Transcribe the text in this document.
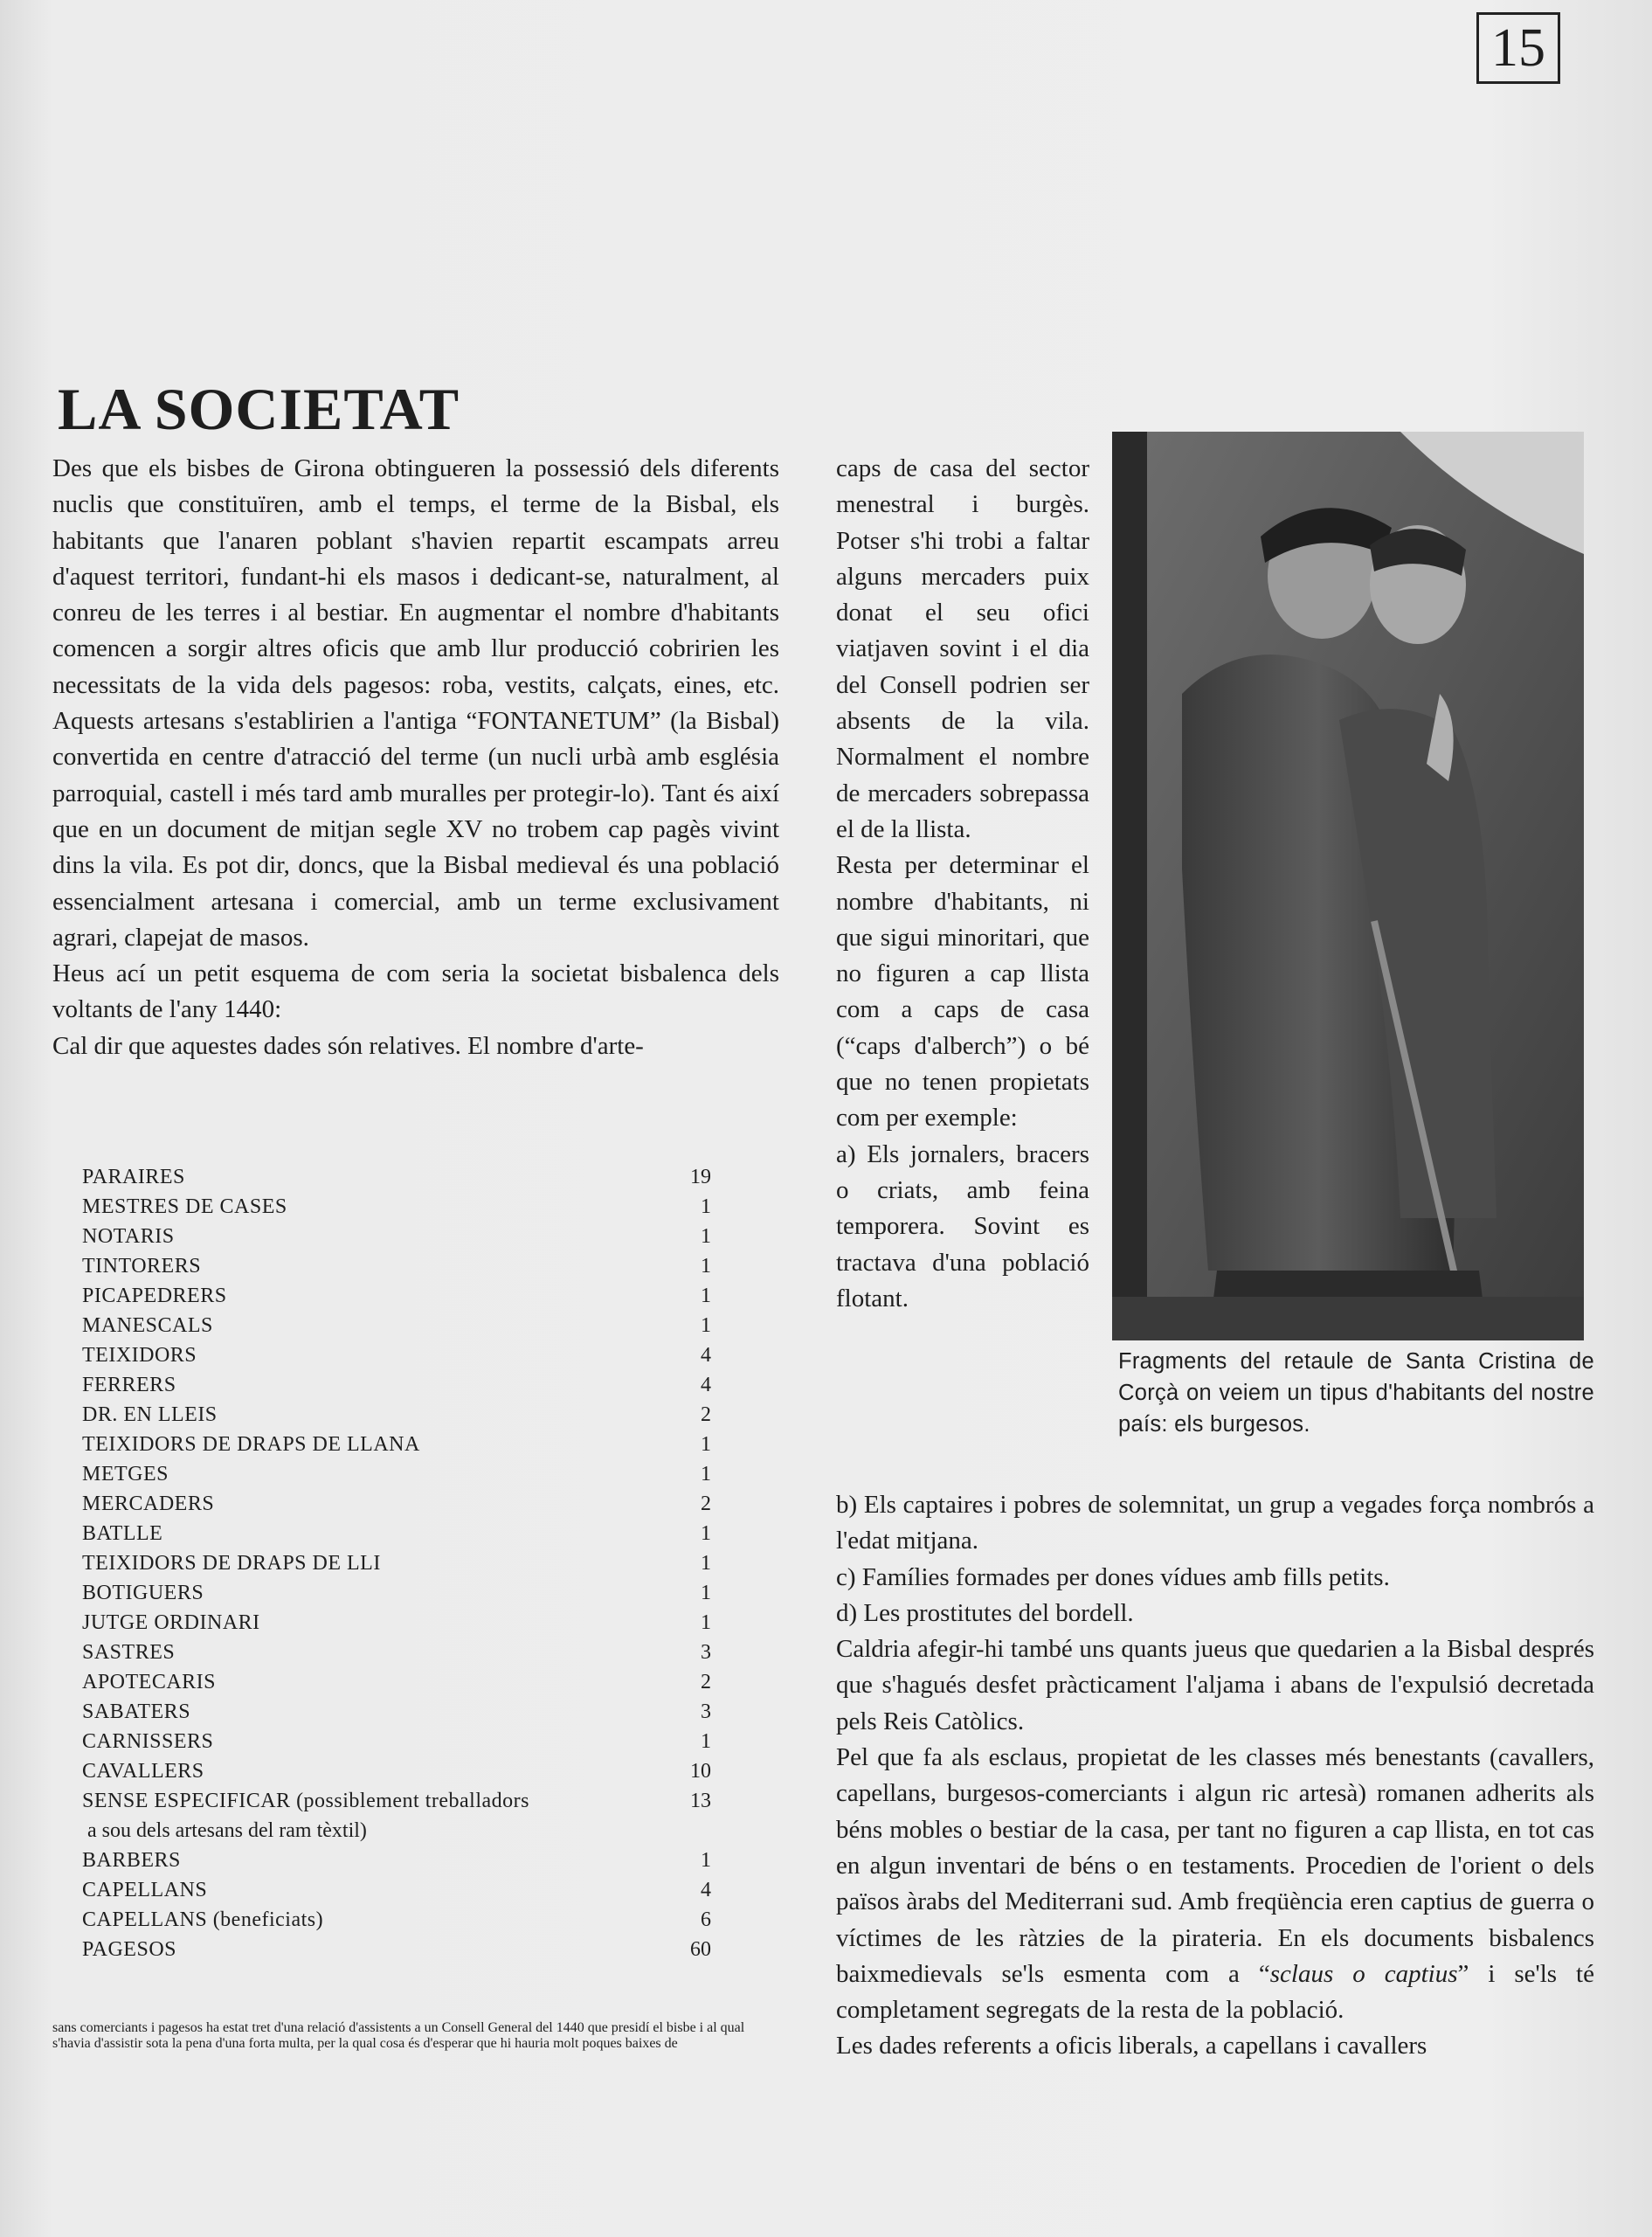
15
LA SOCIETAT

Des que els bisbes de Girona obtingueren la possessió dels diferents nuclis que constituïren, amb el temps, el terme de la Bisbal, els habitants que l'anaren poblant s'havien repartit escampats arreu d'aquest territori, fundant-hi els masos i dedicant-se, naturalment, al conreu de les terres i al bestiar. En augmentar el nombre d'habitants comencen a sorgir altres oficis que amb llur producció cobririen les necessitats de la vida dels pagesos: roba, vestits, calçats, eines, etc. Aquests artesans s'establirien a l'antiga “FONTANETUM” (la Bisbal) convertida en centre d'atracció del terme (un nucli urbà amb església parroquial, castell i més tard amb muralles per protegir-lo). Tant és així que en un document de mitjan segle XV no trobem cap pagès vivint dins la vila. Es pot dir, doncs, que la Bisbal medieval és una població essencialment artesana i comercial, amb un terme exclusivament agrari, clapejat de masos.

Heus ací un petit esquema de com seria la societat bisbalenca dels voltants de l'any 1440:

Cal dir que aquestes dades són relatives. El nombre d'arte-

PARAIRES	19
MESTRES DE CASES	1
NOTARIS	1
TINTORERS	1
PICAPEDRERS	1
MANESCALS	1
TEIXIDORS	4
FERRERS	4
DR. EN LLEIS	2
TEIXIDORS DE DRAPS DE LLANA	1
METGES	1
MERCADERS	2
BATLLE	1
TEIXIDORS DE DRAPS DE LLI	1
BOTIGUERS	1
JUTGE ORDINARI	1
SASTRES	3
APOTECARIS	2
SABATERS	3
CARNISSERS	1
CAVALLERS	10
SENSE ESPECIFICAR (possiblement treballadors	13
a sou dels artesans del ram tèxtil)
BARBERS	1
CAPELLANS	4
CAPELLANS (beneficiats)	6
PAGESOS	60

sans comerciants i pagesos ha estat tret d'una relació d'assistents a un Consell General del 1440 que presidí el bisbe i al qual s'havia d'assistir sota la pena d'una forta multa, per la qual cosa és d'esperar que hi hauria molt poques baixes de

caps de casa del sector menestral i burgès. Potser s'hi trobi a faltar alguns mercaders puix donat el seu ofici viatjaven sovint i el dia del Consell podrien ser absents de la vila. Normalment el nombre de mercaders sobrepassa el de la llista.

Resta per determinar el nombre d'habitants, ni que sigui minoritari, que no figuren a cap llista com a caps de casa (“caps d'alberch”) o bé que no tenen propietats com per exemple:

a) Els jornalers, bracers o criats, amb feina temporera. Sovint es tractava d'una població flotant.

Fragments del retaule de Santa Cristina de Corçà on veiem un tipus d'habitants del nostre país: els burgesos.

b) Els captaires i pobres de solemnitat, un grup a vegades força nombrós a l'edat mitjana.

c) Famílies formades per dones vídues amb fills petits.

d) Les prostitutes del bordell.

Caldria afegir-hi també uns quants jueus que quedarien a la Bisbal després que s'hagués desfet pràcticament l'aljama i abans de l'expulsió decretada pels Reis Catòlics.

Pel que fa als esclaus, propietat de les classes més benestants (cavallers, capellans, burgesos-comerciants i algun ric artesà) romanen adherits als béns mobles o bestiar de la casa, per tant no figuren a cap llista, en tot cas en algun inventari de béns o en testaments. Procedien de l'orient o dels països àrabs del Mediterrani sud. Amb freqüència eren captius de guerra o víctimes de les ràtzies de la pirateria. En els documents bisbalencs baixmedievals se'ls esmenta com a “sclaus o captius” i se'ls té completament segregats de la resta de la població.

Les dades referents a oficis liberals, a capellans i cavallers
